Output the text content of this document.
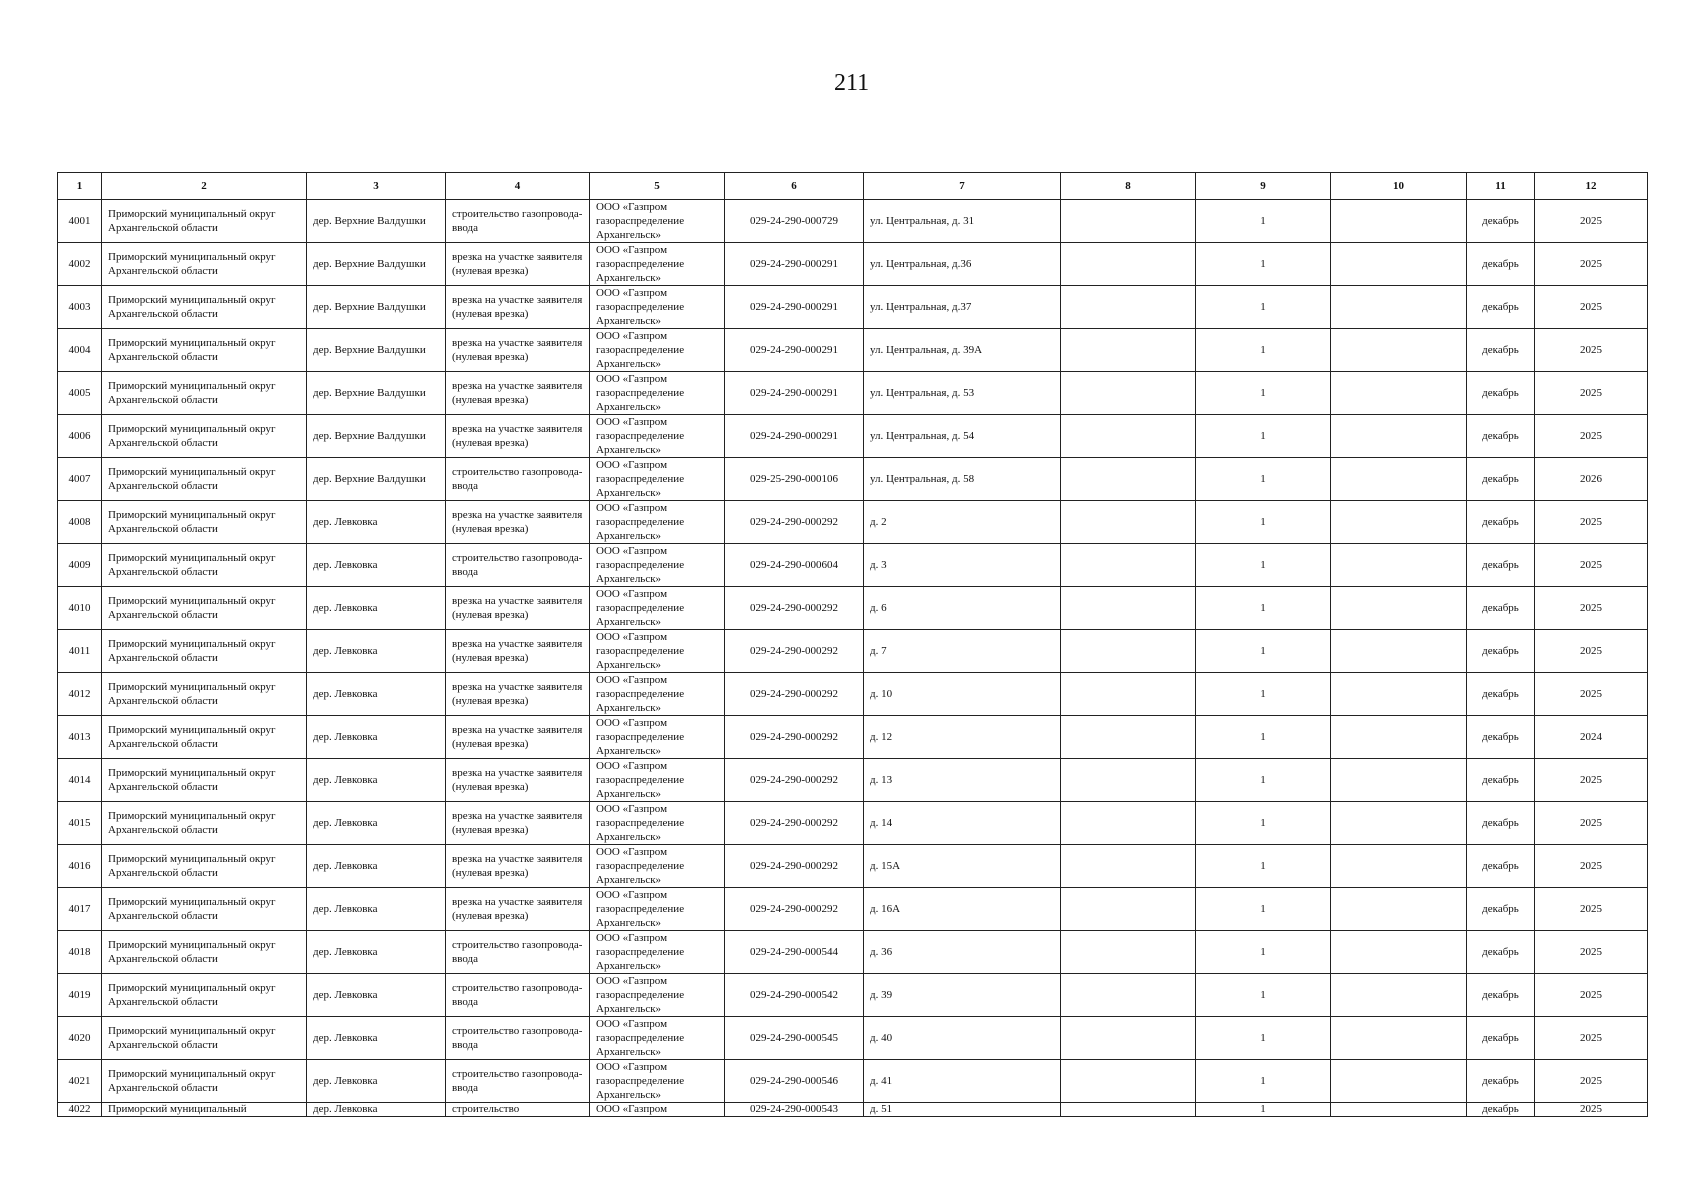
211
1	2	3	4	5	6	7	8	9	10	11	12
4001	Приморский муниципальный округ Архангельской области	дер. Верхние Валдушки	строительство газопровода-ввода	ООО «Газпром газораспределение Архангельск»	029-24-290-000729	ул. Центральная, д. 31		1		декабрь	2025
4002	Приморский муниципальный округ Архангельской области	дер. Верхние Валдушки	врезка на участке заявителя (нулевая врезка)	ООО «Газпром газораспределение Архангельск»	029-24-290-000291	ул. Центральная, д.36		1		декабрь	2025
4003	Приморский муниципальный округ Архангельской области	дер. Верхние Валдушки	врезка на участке заявителя (нулевая врезка)	ООО «Газпром газораспределение Архангельск»	029-24-290-000291	ул. Центральная, д.37		1		декабрь	2025
4004	Приморский муниципальный округ Архангельской области	дер. Верхние Валдушки	врезка на участке заявителя (нулевая врезка)	ООО «Газпром газораспределение Архангельск»	029-24-290-000291	ул. Центральная, д. 39А		1		декабрь	2025
4005	Приморский муниципальный округ Архангельской области	дер. Верхние Валдушки	врезка на участке заявителя (нулевая врезка)	ООО «Газпром газораспределение Архангельск»	029-24-290-000291	ул. Центральная, д. 53		1		декабрь	2025
4006	Приморский муниципальный округ Архангельской области	дер. Верхние Валдушки	врезка на участке заявителя (нулевая врезка)	ООО «Газпром газораспределение Архангельск»	029-24-290-000291	ул. Центральная, д. 54		1		декабрь	2025
4007	Приморский муниципальный округ Архангельской области	дер. Верхние Валдушки	строительство газопровода-ввода	ООО «Газпром газораспределение Архангельск»	029-25-290-000106	ул. Центральная, д. 58		1		декабрь	2026
4008	Приморский муниципальный округ Архангельской области	дер. Левковка	врезка на участке заявителя (нулевая врезка)	ООО «Газпром газораспределение Архангельск»	029-24-290-000292	д. 2		1		декабрь	2025
4009	Приморский муниципальный округ Архангельской области	дер. Левковка	строительство газопровода-ввода	ООО «Газпром газораспределение Архангельск»	029-24-290-000604	д. 3		1		декабрь	2025
4010	Приморский муниципальный округ Архангельской области	дер. Левковка	врезка на участке заявителя (нулевая врезка)	ООО «Газпром газораспределение Архангельск»	029-24-290-000292	д. 6		1		декабрь	2025
4011	Приморский муниципальный округ Архангельской области	дер. Левковка	врезка на участке заявителя (нулевая врезка)	ООО «Газпром газораспределение Архангельск»	029-24-290-000292	д. 7		1		декабрь	2025
4012	Приморский муниципальный округ Архангельской области	дер. Левковка	врезка на участке заявителя (нулевая врезка)	ООО «Газпром газораспределение Архангельск»	029-24-290-000292	д. 10		1		декабрь	2025
4013	Приморский муниципальный округ Архангельской области	дер. Левковка	врезка на участке заявителя (нулевая врезка)	ООО «Газпром газораспределение Архангельск»	029-24-290-000292	д. 12		1		декабрь	2024
4014	Приморский муниципальный округ Архангельской области	дер. Левковка	врезка на участке заявителя (нулевая врезка)	ООО «Газпром газораспределение Архангельск»	029-24-290-000292	д. 13		1		декабрь	2025
4015	Приморский муниципальный округ Архангельской области	дер. Левковка	врезка на участке заявителя (нулевая врезка)	ООО «Газпром газораспределение Архангельск»	029-24-290-000292	д. 14		1		декабрь	2025
4016	Приморский муниципальный округ Архангельской области	дер. Левковка	врезка на участке заявителя (нулевая врезка)	ООО «Газпром газораспределение Архангельск»	029-24-290-000292	д. 15А		1		декабрь	2025
4017	Приморский муниципальный округ Архангельской области	дер. Левковка	врезка на участке заявителя (нулевая врезка)	ООО «Газпром газораспределение Архангельск»	029-24-290-000292	д. 16А		1		декабрь	2025
4018	Приморский муниципальный округ Архангельской области	дер. Левковка	строительство газопровода-ввода	ООО «Газпром газораспределение Архангельск»	029-24-290-000544	д. 36		1		декабрь	2025
4019	Приморский муниципальный округ Архангельской области	дер. Левковка	строительство газопровода-ввода	ООО «Газпром газораспределение Архангельск»	029-24-290-000542	д. 39		1		декабрь	2025
4020	Приморский муниципальный округ Архангельской области	дер. Левковка	строительство газопровода-ввода	ООО «Газпром газораспределение Архангельск»	029-24-290-000545	д. 40		1		декабрь	2025
4021	Приморский муниципальный округ Архангельской области	дер. Левковка	строительство газопровода-ввода	ООО «Газпром газораспределение Архангельск»	029-24-290-000546	д. 41		1		декабрь	2025

4022	Приморский муниципальный	дер. Левковка	строительство	ООО «Газпром	029-24-290-000543	д. 51		1		декабрь	2025
